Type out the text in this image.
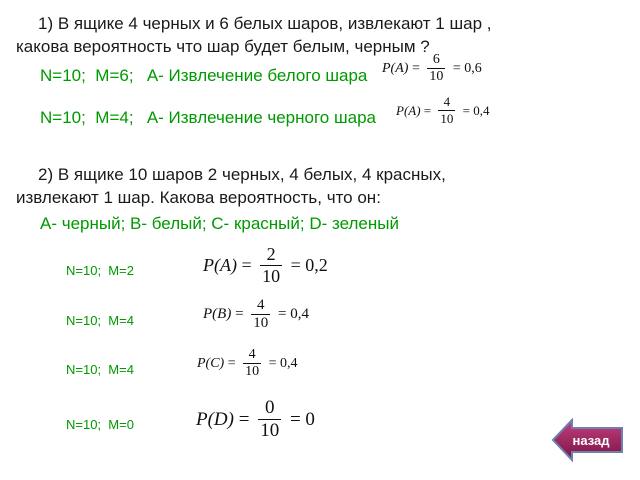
1) В ящике 4 черных и 6 белых шаров, извлекают 1 шар ,
какова вероятность что шар будет белым, черным ?
N=10; M=6; A- Извлечение белого шара $P(A) = \frac{6}{10} = 0,6$
N=10; M=4; A- Извлечение черного шара $P(A) = \frac{4}{10} = 0,4$
2) В ящике 10 шаров 2 черных, 4 белых, 4 красных,
извлекают 1 шар. Какова вероятность, что он:
A- черный; B- белый; C- красный; D- зеленый
N=10; M=2	$P(A) = \frac{2}{10} = 0,2$
N=10; M=4	$P(B) = \frac{4}{10} = 0,4$
N=10; M=4	$P(C) = \frac{4}{10} = 0,4$
N=10; M=0	$P(D) = \frac{0}{10} = 0$
назад
